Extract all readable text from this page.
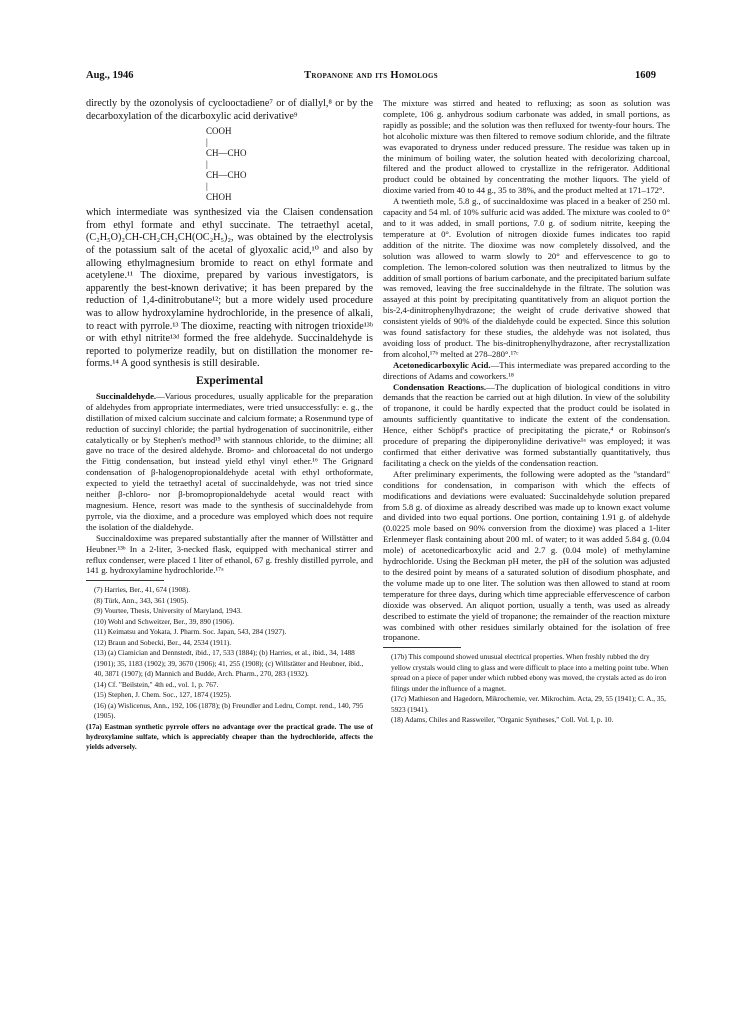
Aug., 1946	Tropanone and its Homologs	1609

directly by the ozonolysis of cyclooctadiene⁷ or of diallyl,⁸ or by the decarboxylation of the dicarboxylic acid derivative⁹

COOH
|
CH—CHO
|
CH—CHO
|
CHOH

which intermediate was synthesized via the Claisen condensation from ethyl formate and ethyl succinate. The tetraethyl acetal, (C₂H₅O)₂CH-CH₂CH₂CH(OC₂H₅)₂, was obtained by the electrolysis of the potassium salt of the acetal of glyoxalic acid,¹⁰ and also by allowing ethylmagnesium bromide to react on ethyl formate and acetylene.¹¹ The dioxime, prepared by various investigators, is apparently the best-known derivative; it has been prepared by the reduction of 1,4-dinitrobutane¹²; but a more widely used procedure was to allow hydroxylamine hydrochloride, in the presence of alkali, to react with pyrrole.¹³ The dioxime, reacting with nitrogen trioxide¹³ᵇ or with ethyl nitrite¹³ᵈ formed the free aldehyde. Succinaldehyde is reported to polymerize readily, but on distillation the monomer re-forms.¹⁴ A good synthesis is still desirable.

Experimental

Succinaldehyde.—Various procedures, usually applicable for the preparation of aldehydes from appropriate intermediates, were tried unsuccessfully: e. g., the distillation of mixed calcium succinate and calcium formate; a Rosenmund type of reduction of succinyl chloride; the partial hydrogenation of succinonitrile, either catalytically or by Stephen's method¹⁵ with stannous chloride, to the diimine; all gave no trace of the desired aldehyde. Bromo- and chloroacetal do not undergo the Fittig condensation, but instead yield ethyl vinyl ether.¹⁶ The Grignard condensation of β-halogenopropionaldehyde acetal with ethyl orthoformate, expected to yield the tetraethyl acetal of succinaldehyde, was not tried since neither β-chloro- nor β-bromopropionaldehyde acetal would react with magnesium. Hence, resort was made to the synthesis of succinaldehyde from pyrrole, via the dioxime, and a procedure was employed which does not require the isolation of the dialdehyde.

Succinaldoxime was prepared substantially after the manner of Willstätter and Heubner.¹³ᵇ In a 2-liter, 3-necked flask, equipped with mechanical stirrer and reflux condenser, were placed 1 liter of ethanol, 67 g. freshly distilled pyrrole, and 141 g. hydroxylamine hydrochloride.¹⁷ᵃ

(7) Harries, Ber., 41, 674 (1908).

(8) Türk, Ann., 343, 361 (1905).

(9) Vourtee, Thesis, University of Maryland, 1943.

(10) Wohl and Schweitzer, Ber., 39, 890 (1906).

(11) Keimatsu and Yokata, J. Pharm. Soc. Japan, 543, 284 (1927).

(12) Braun and Sobecki, Ber., 44, 2534 (1911).

(13) (a) Ciamician and Dennstedt, ibid., 17, 533 (1884); (b) Harries, et al., ibid., 34, 1488 (1901); 35, 1183 (1902); 39, 3670 (1906); 41, 255 (1908); (c) Willstätter and Heubner, ibid., 40, 3871 (1907); (d) Mannich and Budde, Arch. Pharm., 270, 283 (1932).

(14) Cf. "Beilstein," 4th ed., vol. 1, p. 767.

(15) Stephen, J. Chem. Soc., 127, 1874 (1925).

(16) (a) Wislicenus, Ann., 192, 106 (1878); (b) Freundler and Ledru, Compt. rend., 140, 795 (1905).

(17a) Eastman synthetic pyrrole offers no advantage over the practical grade. The use of hydroxylamine sulfate, which is appreciably cheaper than the hydrochloride, affects the yields adversely.

The mixture was stirred and heated to refluxing; as soon as solution was complete, 106 g. anhydrous sodium carbonate was added, in small portions, as rapidly as possible; and the solution was then refluxed for twenty-four hours. The hot alcoholic mixture was then filtered to remove sodium chloride, and the filtrate was evaporated to dryness under reduced pressure. The residue was taken up in the minimum of boiling water, the solution heated with decolorizing charcoal, filtered and the product allowed to crystallize in the refrigerator. Additional product could be obtained by concentrating the mother liquors. The yield of dioxime varied from 40 to 44 g., 35 to 38%, and the product melted at 171–172°.

A twentieth mole, 5.8 g., of succinaldoxime was placed in a beaker of 250 ml. capacity and 54 ml. of 10% sulfuric acid was added. The mixture was cooled to 0° and to it was added, in small portions, 7.0 g. of sodium nitrite, keeping the temperature at 0°. Evolution of nitrogen dioxide fumes indicates too rapid addition of the nitrite. The dioxime was now completely dissolved, and the solution was allowed to warm slowly to 20° and effervescence to go to completion. The lemon-colored solution was then neutralized to litmus by the addition of small portions of barium carbonate, and the precipitated barium sulfate was removed, leaving the free succinaldehyde in the filtrate. The solution was assayed at this point by precipitating quantitatively from an aliquot portion the bis-2,4-dinitrophenylhydrazone; the weight of crude derivative showed that consistent yields of 90% of the dialdehyde could be expected. Since this solution was found satisfactory for these studies, the aldehyde was not isolated, thus avoiding loss of product. The bis-dinitrophenylhydrazone, after recrystallization from alcohol,¹⁷ᵇ melted at 278–280°.¹⁷ᶜ

Acetonedicarboxylic Acid.—This intermediate was prepared according to the directions of Adams and coworkers.¹⁸

Condensation Reactions.—The duplication of biological conditions in vitro demands that the reaction be carried out at high dilution. In view of the solubility of tropanone, it could be hardly expected that the product could be isolated in amounts sufficiently quantitative to indicate the extent of the condensation. Hence, either Schöpf's practice of precipitating the picrate,⁴ or Robinson's procedure of preparing the dipiperonylidine derivative¹ᵃ was employed; it was confirmed that either derivative was formed substantially quantitatively, thus facilitating a check on the yields of the condensation reaction.

After preliminary experiments, the following were adopted as the "standard" conditions for condensation, in comparison with which the effects of modifications and deviations were evaluated: Succinaldehyde solution prepared from 5.8 g. of dioxime as already described was made up to known exact volume and divided into two equal portions. One portion, containing 1.91 g. of aldehyde (0.0225 mole based on 90% conversion from the dioxime) was placed a 1-liter Erlenmeyer flask containing about 200 ml. of water; to it was added 5.84 g. (0.04 mole) of acetonedicarboxylic acid and 2.7 g. (0.04 mole) of methylamine hydrochloride. Using the Beckman pH meter, the pH of the solution was adjusted to the desired point by means of a saturated solution of disodium phosphate, and the volume made up to one liter. The solution was then allowed to stand at room temperature for three days, during which time appreciable effervescence of carbon dioxide was observed. An aliquot portion, usually a tenth, was used as already described to estimate the yield of tropanone; the remainder of the reaction mixture was combined with other residues similarly obtained for the isolation of free tropanone.

(17b) This compound showed unusual electrical properties. When freshly rubbed the dry yellow crystals would cling to glass and were difficult to place into a melting point tube. When spread on a piece of paper under which rubbed ebony was moved, the crystals acted as do iron filings under the influence of a magnet.

(17c) Mathieson and Hagedorn, Mikrochemie, ver. Mikrochim. Acta, 29, 55 (1941); C. A., 35, 5923 (1941).

(18) Adams, Chiles and Rassweiler, "Organic Syntheses," Coll. Vol. I, p. 10.
